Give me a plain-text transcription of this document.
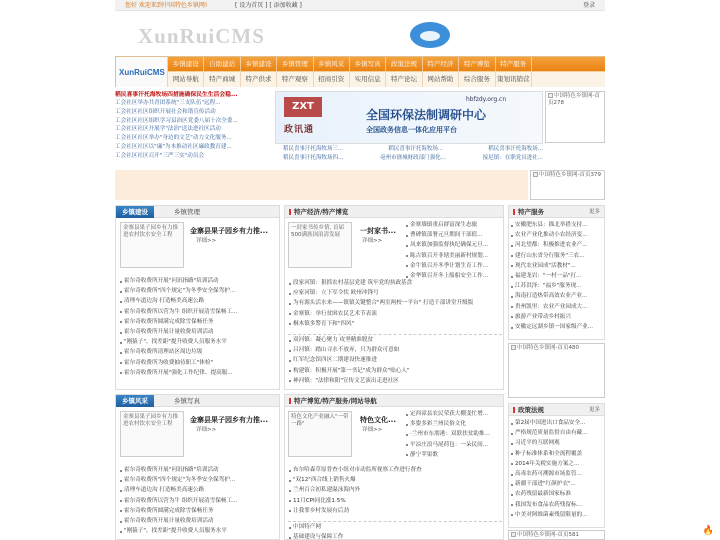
您好 欢迎来到中国特色乡镇网!	[ 设为首页 ] [ 添加收藏 ]	登录
XunRuiCMS
XunRuiCMS
乡镇建设	自助建站	乡镇建设	乡镇管理	乡镇风采	乡镇写真	政策法规	特产经济	特产博览	特产服务
网站导航	特产商城	特产供求	特产观察	招商引资	实用信息	特产论坛	网站帮助	综合服务	策划讯销营
稻民喜事汗托海牧场四措施确保民生生活会稳...
工会社区举办共青团系统"三支队伍"远程...
工会社区社区组织开展社会和谐宣传活动
工会社区社区组织学习县治区党委八届十次全委...
工会社区社区开展学"法治"送法进社区活动
工会社区社区举办"身边的文艺"动力文化服务...
工会社区社区以"廉"为本推动社区廉政教育建...
工会社区社区召开"三严三实"动员会
ZXT
政讯通
hbfzdy.org.cn
全国环保法制调研中心
全国政务信息一体化应用平台
稻民喜事汗托海牧场三...	稻民喜事汗托海牧场...	稻民喜事汗托海牧场...
稻民喜事汗托海牧场四...	亳州市谯城财政部门强化...	接尼镇：在职党员进社...
中国特色乡镇网-首页278
中国特色乡镇网-首页379
乡镇建设	乡镇管理
金寨县果子园乡有力推进农村饮水安全工程	金寨县果子园乡有力推...
详细>>
霍尔奇收费所开展"问讯指路"培训活动
霍尔奇收费所"四个规定"为冬季安全保驾护...
清理车道边沟 打造畅美高速公路
霍尔奇收费所以营为牛 组织开展清雪保畅工...
霍尔奇收费所圆满完成除雪保畅任务
霍尔奇收费所开展计量收费培训活动
"刚猿子"、找差距"提升收费人员服务水平
霍尔奇收费所清理站区周边垃圾
霍尔奇收费所为收费抽待职工"体检"
霍尔奇收费所开展"强化工作纪律、提高服...
特产经济/特产博览
一封家书传乡情, 首届500满族国浪清发展	一封家书...
详细>>
金寨墙镇重启群富深生态旅
曹碑镇部署元旦期间干部值...
凤来镇加强监督执纪确保元旦...
陈古镇召开非辖美丽新村规划...
金牛镇召开冬季计划生育工作...
金华镇召开冬上船船安全工作...
段家河镇：狠抓农村基层党建 筑牢党的执政基盘
应家河镇：立下军令状 欧州冲锋号
为有源头活水来——镇镇关键整合"两室两校一平台" 打造千部讲堂升级版
金寨镇：举行贫困农民艺术节表演
桐木镇多警育下和"四风"
双河镇：凝心聚力 攻坚精准脱贫
吕河镇：踏山寻水不放弃，只为群众可意如
红军纪念馆四区二期建设快速推进
构建镇：积极开展"第一书记"成为群众"贴心人"
神河镇："法律和阳"宣传文艺演出走进社区
特产服务	更多
安徽肥东县：描北举措支持...
农业产业化推动小农经济变...
河北望都：积极推进农业产...
建行山东省分行服务"三农...
现代农业园成"活教材"...
福建龙岩："一村一品"打...
江苏洪泽："福乡"服务现...
海南打造热带高效农业产业...
贵州凯里：农业产业园成大...
旅游产业带动乡村振兴
安徽定远湖乡镇一国家级产业...
中国特色乡镇网-首页480
乡镇风采	乡镇写真
金寨县果子园乡有力推进农村饮水安全工程	金寨县果子园乡有力推...
详细>>
霍尔奇收费所开展"问讯指路"培训活动
霍尔奇收费所"四个规定"为冬季安全保驾护...
清理车道边沟 打造畅美高速公路
霍尔奇收费所以营为牛 组织开展清雪保畅工...
霍尔奇收费所圆满完成除雪保畅任务
霍尔奇收费所开展计量收费培训活动
"刚猿子"、找差距"提升收费人员服务水平
特产博览/特产服务/网站导航
特色文化产业融入"一带一路"	特色文化...
详细>>
定西漳县农民荣获大棚变忙增...
多姿多彩兰州民俗文化
·兰州市东朋港：双联扶贫助推...
平凉庄浪马尾荷包：一朵民间...
静宁苹果歌
布尔哈森草原普查小组对市动监所视察工作进行督查
"双12"西合线上销售火爆
兰州百合初私建温泳海内外
11月CPI同比涨1.5%
让我罪乡村发展有后劲
中国特产网
基础建设与保障工作
政策法规	更多
第2届中国进出口食品安全...
严格规范质量监督自由有藏...
习近平的互联网观
种子标准体系和全流程覆盖
2014年关税实施方案之...
高毒农药可溯源市场监管...
新疆干部进"红颜护衣"...
农药残留最新国家标准
我国发布食品农药残留标...
中美对阿维菌素残留限量的...
中国特色乡镇网-首页581	🔥
